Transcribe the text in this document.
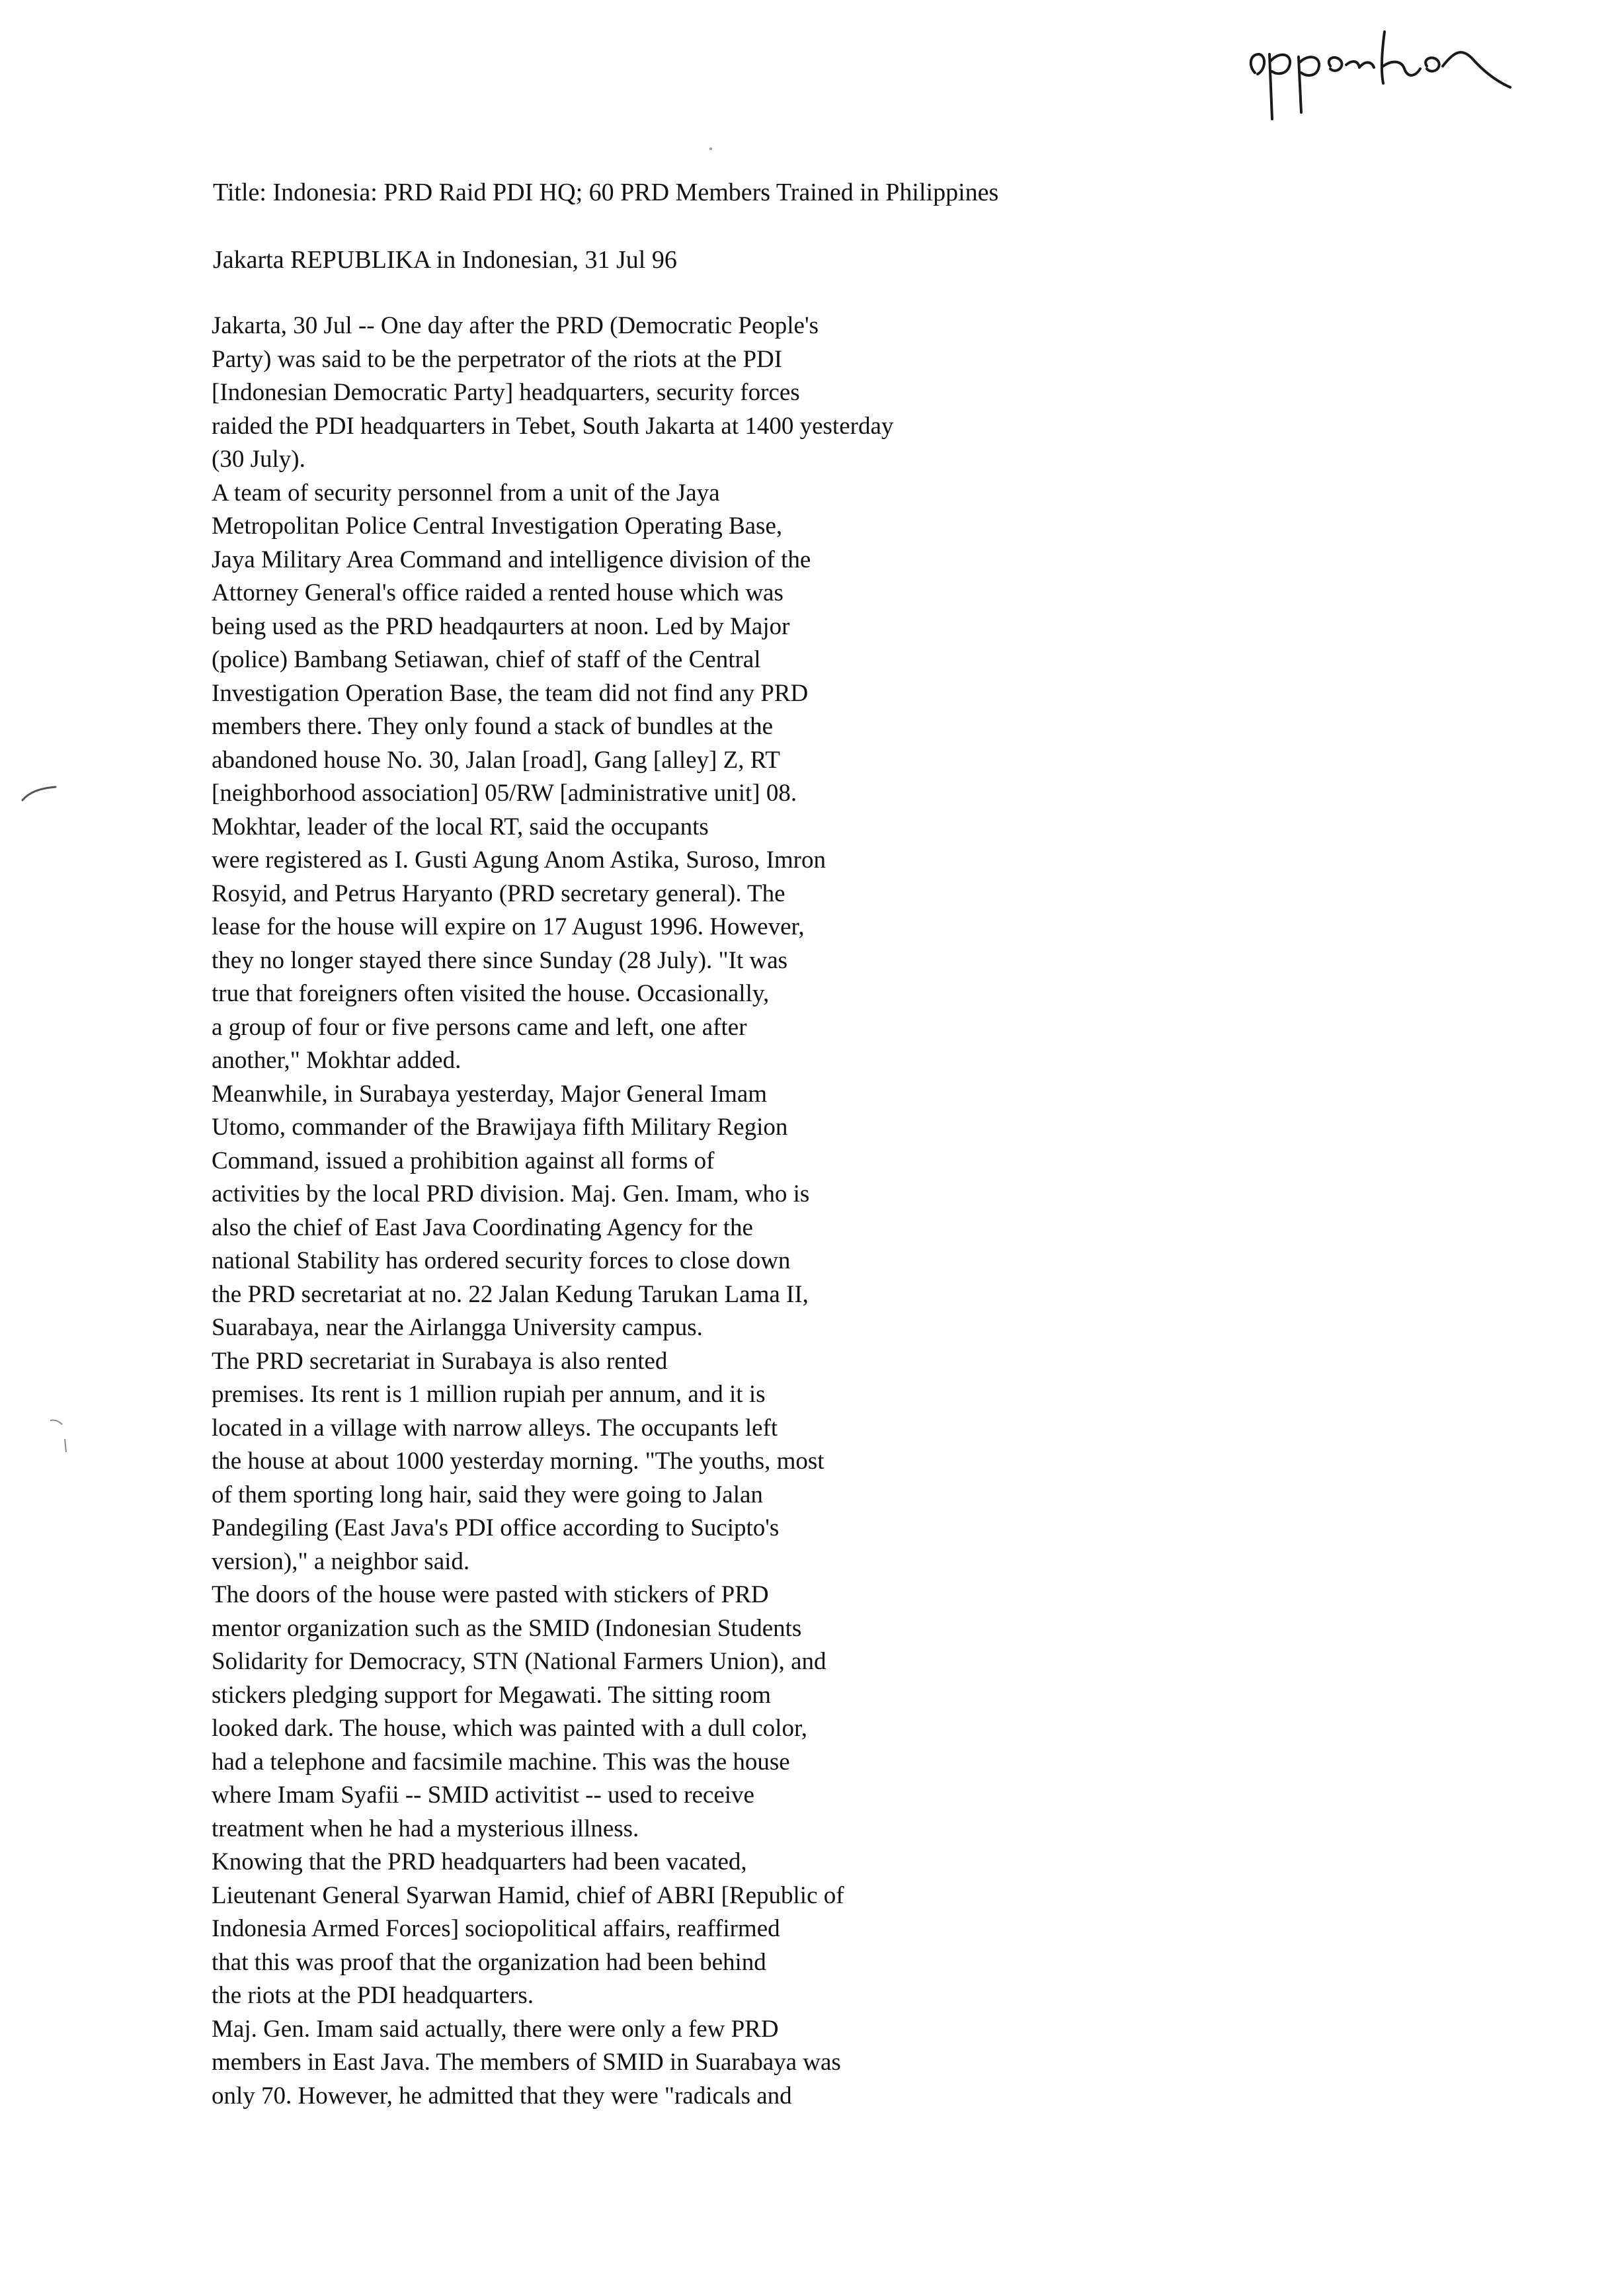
Title: Indonesia: PRD Raid PDI HQ; 60 PRD Members Trained in Philippines
Jakarta REPUBLIKA in Indonesian, 31 Jul 96
Jakarta, 30 Jul -- One day after the PRD (Democratic People's
Party) was said to be the perpetrator of the riots at the PDI
[Indonesian Democratic Party] headquarters, security forces
raided the PDI headquarters in Tebet, South Jakarta at 1400 yesterday
(30 July).
A team of security personnel from a unit of the Jaya
Metropolitan Police Central Investigation Operating Base,
Jaya Military Area Command and intelligence division of the
Attorney General's office raided a rented house which was
being used as the PRD headqaurters at noon. Led by Major
(police) Bambang Setiawan, chief of staff of the Central
Investigation Operation Base, the team did not find any PRD
members there. They only found a stack of bundles at the
abandoned house No. 30, Jalan [road], Gang [alley] Z, RT
[neighborhood association] 05/RW [administrative unit] 08.
Mokhtar, leader of the local RT, said the occupants
were registered as I. Gusti Agung Anom Astika, Suroso, Imron
Rosyid, and Petrus Haryanto (PRD secretary general). The
lease for the house will expire on 17 August 1996. However,
they no longer stayed there since Sunday (28 July). "It was
true that foreigners often visited the house. Occasionally,
a group of four or five persons came and left, one after
another," Mokhtar added.
Meanwhile, in Surabaya yesterday, Major General Imam
Utomo, commander of the Brawijaya fifth Military Region
Command, issued a prohibition against all forms of
activities by the local PRD division. Maj. Gen. Imam, who is
also the chief of East Java Coordinating Agency for the
national Stability has ordered security forces to close down
the PRD secretariat at no. 22 Jalan Kedung Tarukan Lama II,
Suarabaya, near the Airlangga University campus.
The PRD secretariat in Surabaya is also rented
premises. Its rent is 1 million rupiah per annum, and it is
located in a village with narrow alleys. The occupants left
the house at about 1000 yesterday morning. "The youths, most
of them sporting long hair, said they were going to Jalan
Pandegiling (East Java's PDI office according to Sucipto's
version)," a neighbor said.
The doors of the house were pasted with stickers of PRD
mentor organization such as the SMID (Indonesian Students
Solidarity for Democracy, STN (National Farmers Union), and
stickers pledging support for Megawati. The sitting room
looked dark. The house, which was painted with a dull color,
had a telephone and facsimile machine. This was the house
where Imam Syafii -- SMID activitist -- used to receive
treatment when he had a mysterious illness.
Knowing that the PRD headquarters had been vacated,
Lieutenant General Syarwan Hamid, chief of ABRI [Republic of
Indonesia Armed Forces] sociopolitical affairs, reaffirmed
that this was proof that the organization had been behind
the riots at the PDI headquarters.
Maj. Gen. Imam said actually, there were only a few PRD
members in East Java. The members of SMID in Suarabaya was
only 70. However, he admitted that they were "radicals and
